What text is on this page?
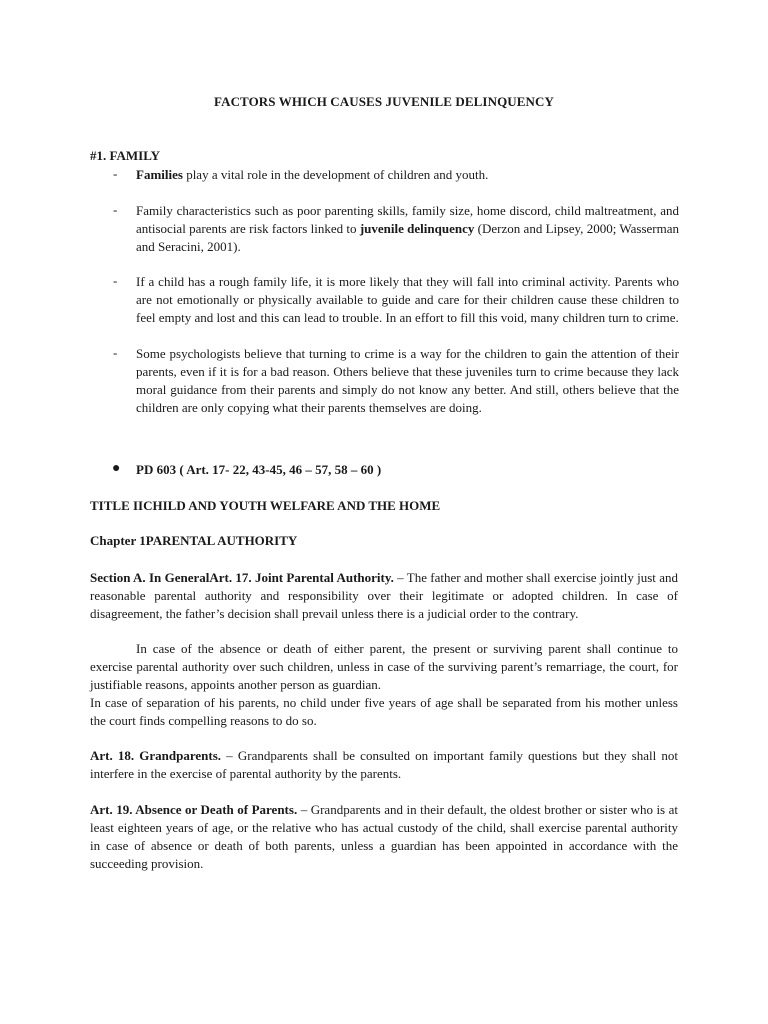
FACTORS WHICH CAUSES JUVENILE DELINQUENCY
#1. FAMILY
- Families play a vital role in the development of children and youth.
- Family characteristics such as poor parenting skills, family size, home discord, child maltreatment, and antisocial parents are risk factors linked to juvenile delinquency (Derzon and Lipsey, 2000; Wasserman and Seracini, 2001).
- If a child has a rough family life, it is more likely that they will fall into criminal activity. Parents who are not emotionally or physically available to guide and care for their children cause these children to feel empty and lost and this can lead to trouble. In an effort to fill this void, many children turn to crime.
- Some psychologists believe that turning to crime is a way for the children to gain the attention of their parents, even if it is for a bad reason. Others believe that these juveniles turn to crime because they lack moral guidance from their parents and simply do not know any better. And still, others believe that the children are only copying what their parents themselves are doing.
● PD 603 ( Art. 17- 22, 43-45, 46 – 57, 58 – 60 )
TITLE IICHILD AND YOUTH WELFARE AND THE HOME
Chapter 1PARENTAL AUTHORITY
Section A. In GeneralArt. 17. Joint Parental Authority. – The father and mother shall exercise jointly just and reasonable parental authority and responsibility over their legitimate or adopted children. In case of disagreement, the father’s decision shall prevail unless there is a judicial order to the contrary.
In case of the absence or death of either parent, the present or surviving parent shall continue to exercise parental authority over such children, unless in case of the surviving parent’s remarriage, the court, for justifiable reasons, appoints another person as guardian.
In case of separation of his parents, no child under five years of age shall be separated from his mother unless the court finds compelling reasons to do so.
Art. 18. Grandparents. – Grandparents shall be consulted on important family questions but they shall not interfere in the exercise of parental authority by the parents.
Art. 19. Absence or Death of Parents. – Grandparents and in their default, the oldest brother or sister who is at least eighteen years of age, or the relative who has actual custody of the child, shall exercise parental authority in case of absence or death of both parents, unless a guardian has been appointed in accordance with the succeeding provision.
